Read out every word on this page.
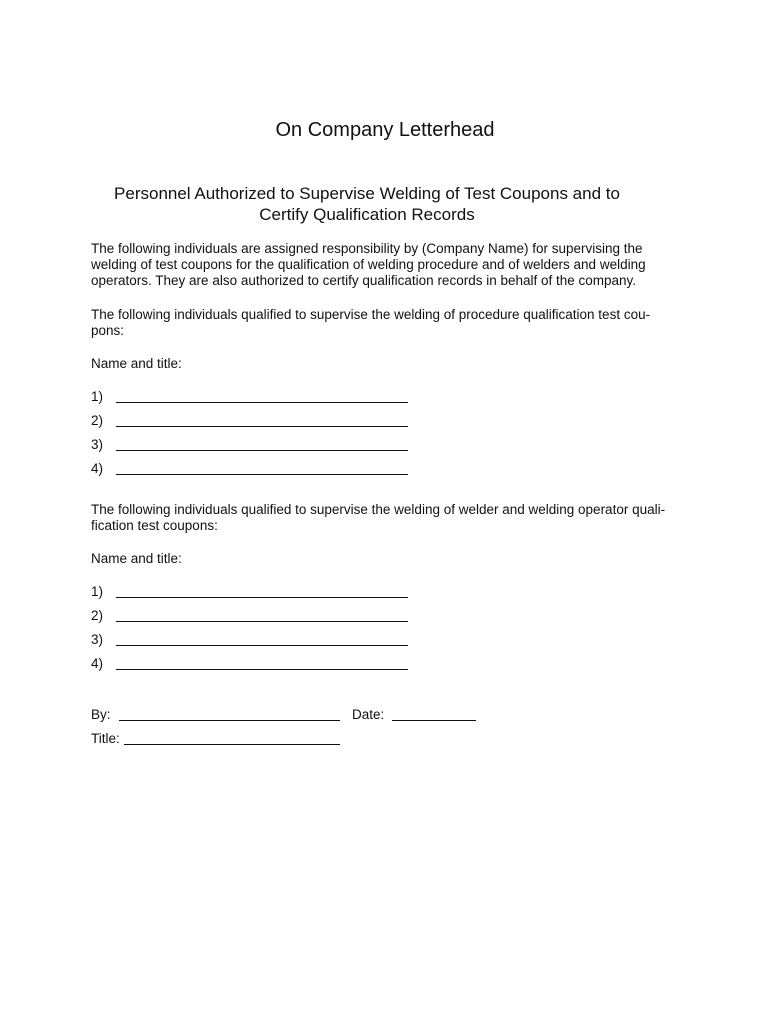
On Company Letterhead
Personnel Authorized to Supervise Welding of Test Coupons and to
Certify Qualification Records
The following individuals are assigned responsibility by (Company Name) for supervising the
welding of test coupons for the qualification of welding procedure and of welders and welding
operators. They are also authorized to certify qualification records in behalf of the company.
The following individuals qualified to supervise the welding of procedure qualification test cou-
pons:
Name and title:
1)
2)
3)
4)
The following individuals qualified to supervise the welding of welder and welding operator quali-
fication test coupons:
Name and title:
1)
2)
3)
4)
By:	Date:
Title:
